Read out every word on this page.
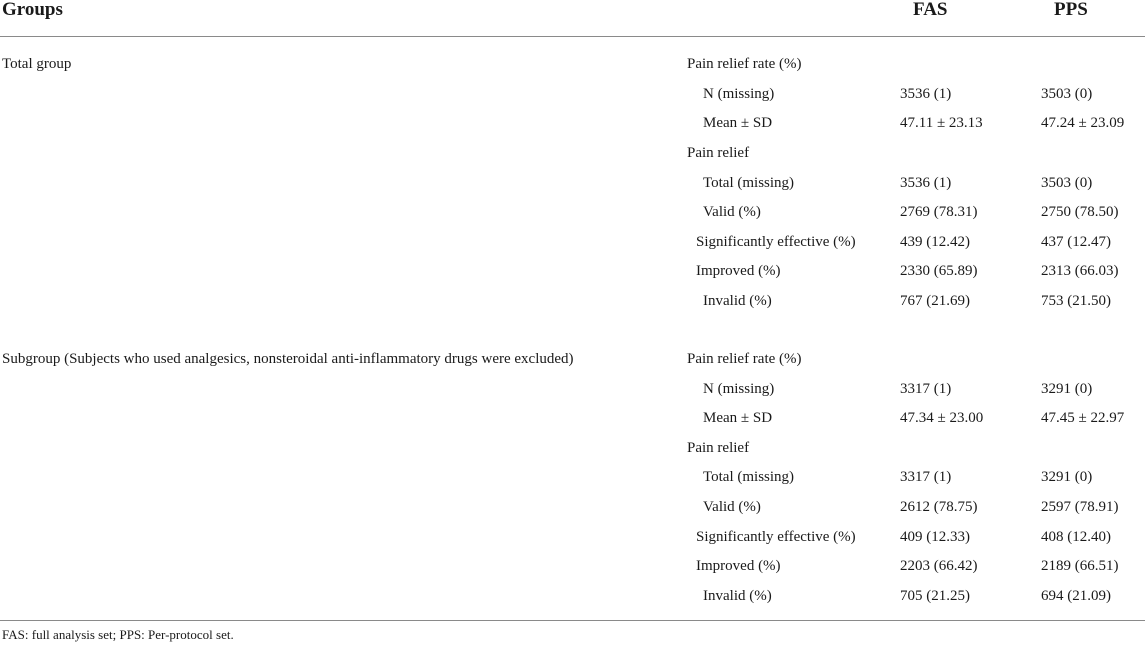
Groups	FAS	PPS
Total group	Pain relief rate (%)
N (missing)	3536 (1)	3503 (0)
Mean ± SD	47.11 ± 23.13	47.24 ± 23.09
Pain relief
Total (missing)	3536 (1)	3503 (0)
Valid (%)	2769 (78.31)	2750 (78.50)
Significantly effective (%)	439 (12.42)	437 (12.47)
Improved (%)	2330 (65.89)	2313 (66.03)
Invalid (%)	767 (21.69)	753 (21.50)
Subgroup (Subjects who used analgesics, nonsteroidal anti-inflammatory drugs were excluded)	Pain relief rate (%)
N (missing)	3317 (1)	3291 (0)
Mean ± SD	47.34 ± 23.00	47.45 ± 22.97
Pain relief
Total (missing)	3317 (1)	3291 (0)
Valid (%)	2612 (78.75)	2597 (78.91)
Significantly effective (%)	409 (12.33)	408 (12.40)
Improved (%)	2203 (66.42)	2189 (66.51)
Invalid (%)	705 (21.25)	694 (21.09)
FAS: full analysis set; PPS: Per-protocol set.
